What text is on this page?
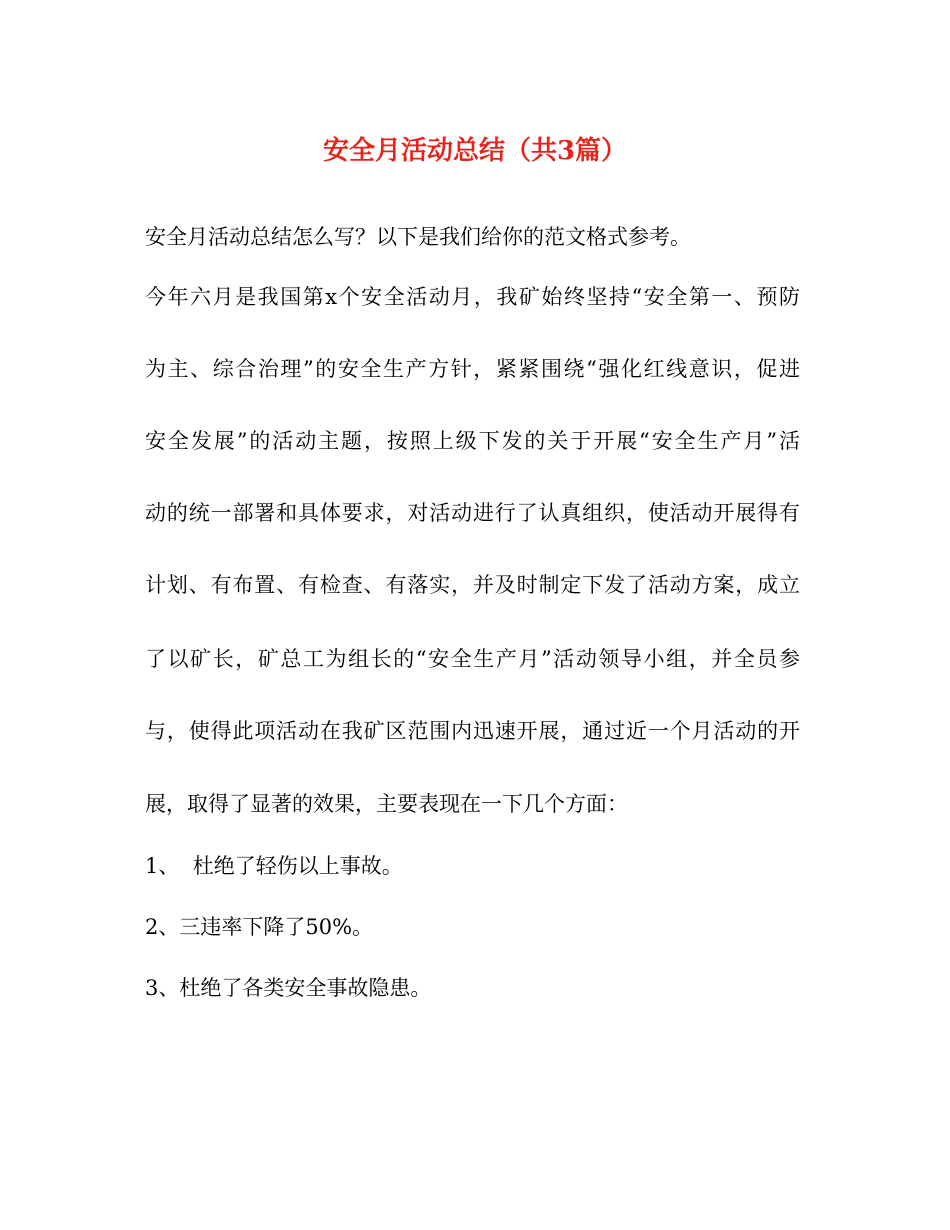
安全月活动总结（共3篇）
安全月活动总结怎么写？以下是我们给你的范文格式参考。
今年六月是我国第x个安全活动月，我矿始终坚持“安全第一、预防
为主、综合治理”的安全生产方针，紧紧围绕“强化红线意识，促进
安全发展”的活动主题，按照上级下发的关于开展“安全生产月”活
动的统一部署和具体要求，对活动进行了认真组织，使活动开展得有
计划、有布置、有检查、有落实，并及时制定下发了活动方案，成立
了以矿长，矿总工为组长的“安全生产月”活动领导小组，并全员参
与，使得此项活动在我矿区范围内迅速开展，通过近一个月活动的开
展，取得了显著的效果，主要表现在一下几个方面：
1、  杜绝了轻伤以上事故。
2、三违率下降了50%。
3、杜绝了各类安全事故隐患。
